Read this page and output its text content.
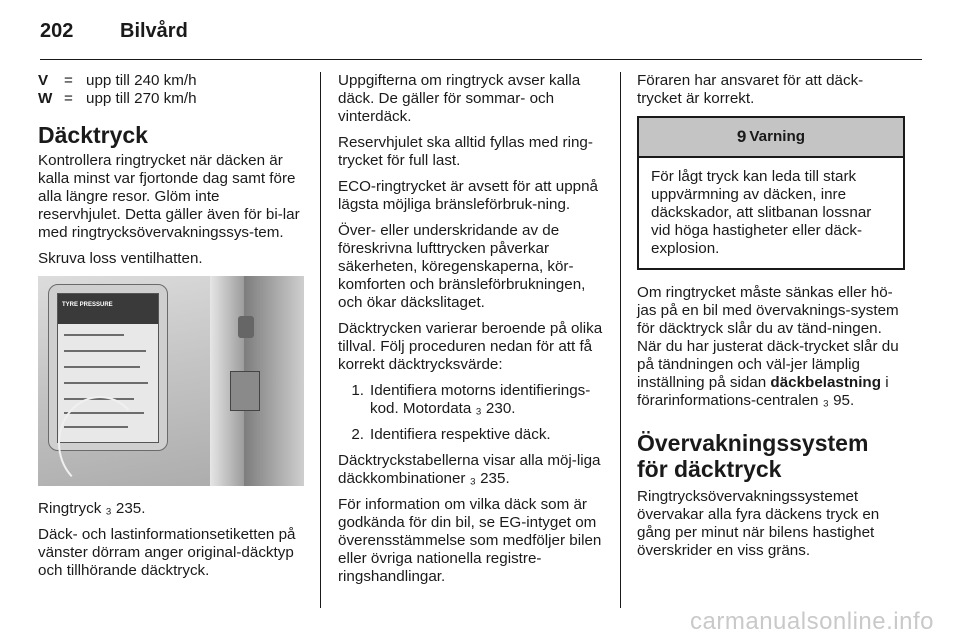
202 Bilvård
V	= upp till 240 km/h
W = upp till 270 km/h
Däcktryck

Kontrollera ringtrycket när däcken är kalla minst var fjortonde dag samt före alla längre resor. Glöm inte reservhjulet. Detta gäller även för bi-lar med ringtrycksövervakningssys-tem.

Skruva loss ventilhatten.

TYRE PRESSURE

Ringtryck ₃ 235.

Däck- och lastinformationsetiketten på vänster dörram anger original-däcktyp och tillhörande däcktryck.

Uppgifterna om ringtryck avser kalla däck. De gäller för sommar- och vinterdäck.

Reservhjulet ska alltid fyllas med ring-trycket för full last.

ECO-ringtrycket är avsett för att uppnå lägsta möjliga bränsleförbruk-ning.

Över- eller underskridande av de föreskrivna lufttrycken påverkar säkerheten, köregenskaperna, kör-komforten och bränsleförbrukningen, och ökar däckslitaget.

Däcktrycken varierar beroende på olika tillval. Följ proceduren nedan för att få korrekt däcktrycksvärde:

1. Identifiera motorns identifierings-kod. Motordata ₃ 230.
2. Identifiera respektive däck.

Däcktryckstabellerna visar alla möj-liga däckkombinationer ₃ 235.

För information om vilka däck som är godkända för din bil, se EG-intyget om överensstämmelse som medföljer bilen eller övriga nationella registre-ringshandlingar.

Föraren har ansvaret för att däck-trycket är korrekt.

9 Varning
För lågt tryck kan leda till stark uppvärmning av däcken, inre däckskador, att slitbanan lossnar vid höga hastigheter eller däck-explosion.

Om ringtrycket måste sänkas eller hö-jas på en bil med övervaknings-system för däcktryck slår du av tänd-ningen. När du har justerat däck-trycket slår du på tändningen och väl-jer lämplig inställning på sidan däckbelastning i förarinformations-centralen ₃ 95.

Övervakningssystem för däcktryck

Ringtrycksövervakningssystemet övervakar alla fyra däckens tryck en gång per minut när bilens hastighet överskrider en viss gräns.

carmanualsonline.info
